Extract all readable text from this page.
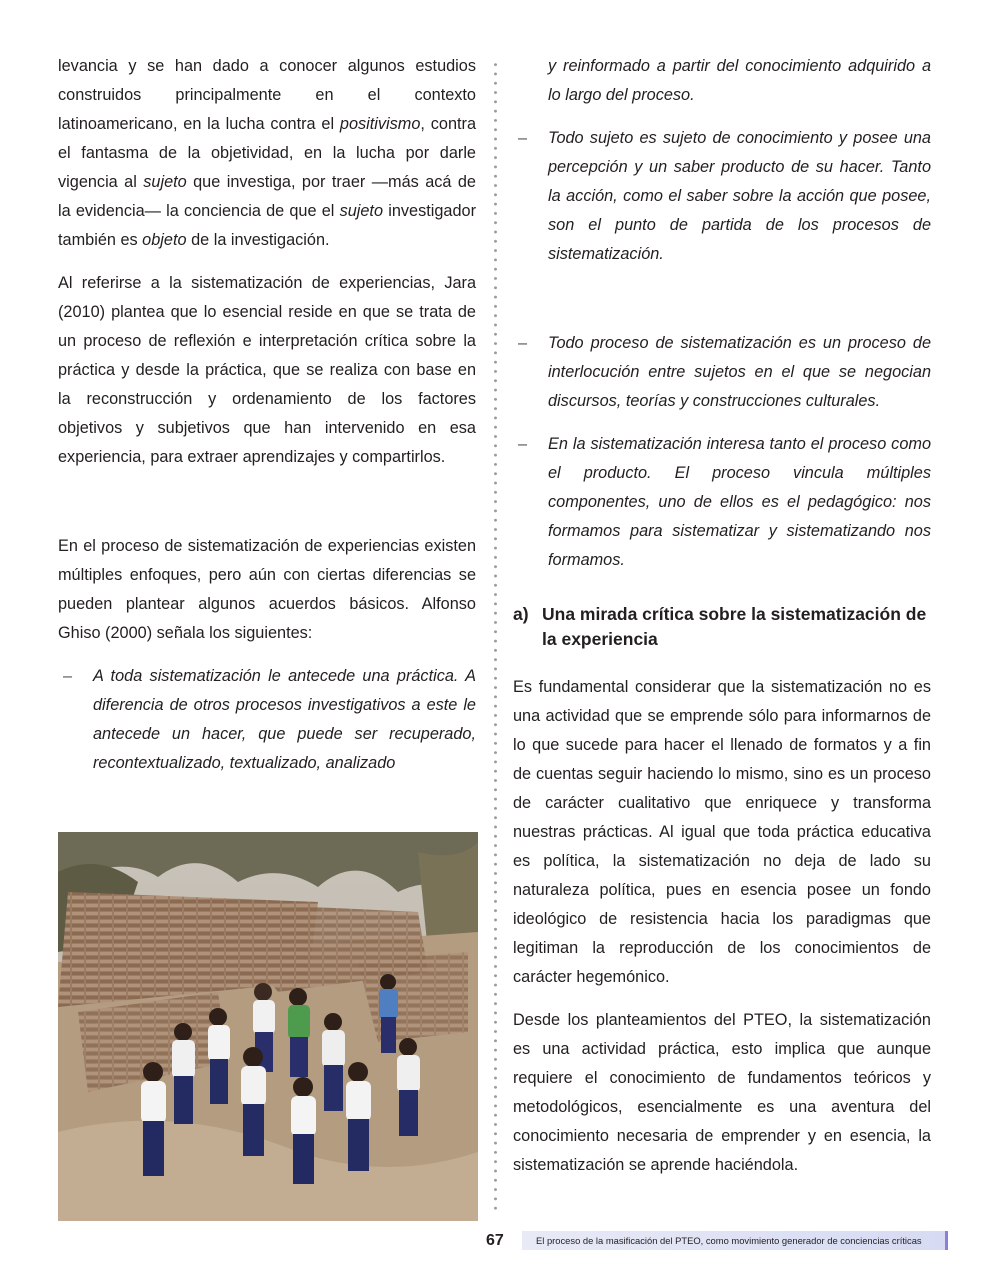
levancia y se han dado a conocer algunos estudios construidos principalmente en el contexto latinoamericano, en la lucha contra el positivismo, contra el fantasma de la objetividad, en la lucha por darle vigencia al sujeto que investiga, por traer —más acá de la evidencia— la conciencia de que el sujeto investigador también es objeto de la investigación.

Al referirse a la sistematización de experiencias, Jara (2010) plantea que lo esencial reside en que se trata de un proceso de reflexión e interpretación crítica sobre la práctica y desde la práctica, que se realiza con base en la reconstrucción y ordenamiento de los factores objetivos y subjetivos que han intervenido en esa experiencia, para extraer aprendizajes y compartirlos.

En el proceso de sistematización de experiencias existen múltiples enfoques, pero aún con ciertas diferencias se pueden plantear algunos acuerdos básicos. Alfonso Ghiso (2000) señala los siguientes:

– A toda sistematización le antecede una práctica. A diferencia de otros procesos investigativos a este le antecede un hacer, que puede ser recuperado, recontextualizado, textualizado, analizado

y reinformado a partir del conocimiento adquirido a lo largo del proceso.

– Todo sujeto es sujeto de conocimiento y posee una percepción y un saber producto de su hacer. Tanto la acción, como el saber sobre la acción que posee, son el punto de partida de los procesos de sistematización.
– Todo proceso de sistematización es un proceso de interlocución entre sujetos en el que se negocian discursos, teorías y construcciones culturales.
– En la sistematización interesa tanto el proceso como el producto. El proceso vincula múltiples componentes, uno de ellos es el pedagógico: nos formamos para sistematizar y sistematizando nos formamos.
a) Una mirada crítica sobre la sistematización de la experiencia

Es fundamental considerar que la sistematización no es una actividad que se emprende sólo para informarnos de lo que sucede para hacer el llenado de formatos y a fin de cuentas seguir haciendo lo mismo, sino es un proceso de carácter cualitativo que enriquece y transforma nuestras prácticas. Al igual que toda práctica educativa es política, la sistematización no deja de lado su naturaleza política, pues en esencia posee un fondo ideológico de resistencia hacia los paradigmas que legitiman la reproducción de los conocimientos de carácter hegemónico.

Desde los planteamientos del PTEO, la sistematización es una actividad práctica, esto implica que aunque requiere el conocimiento de fundamentos teóricos y metodológicos, esencialmente es una aventura del conocimiento necesaria de emprender y en esencia, la sistematización se aprende haciéndola.

67	El proceso de la masificación del PTEO, como movimiento generador de conciencias críticas
